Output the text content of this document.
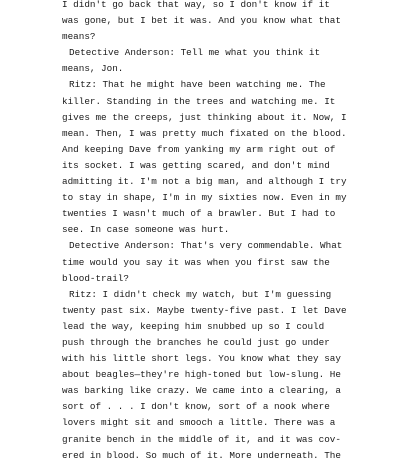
I didn't go back that way, so I don't know if it
was gone, but I bet it was. And you know what that
means?
Detective Anderson: Tell me what you think it
means, Jon.
Ritz: That he might have been watching me. The
killer. Standing in the trees and watching me. It
gives me the creeps, just thinking about it. Now, I
mean. Then, I was pretty much fixated on the blood.
And keeping Dave from yanking my arm right out of
its socket. I was getting scared, and don't mind
admitting it. I'm not a big man, and although I try
to stay in shape, I'm in my sixties now. Even in my
twenties I wasn't much of a brawler. But I had to
see. In case someone was hurt.
Detective Anderson: That's very commendable. What
time would you say it was when you first saw the
blood-trail?
Ritz: I didn't check my watch, but I'm guessing
twenty past six. Maybe twenty-five past. I let Dave
lead the way, keeping him snubbed up so I could
push through the branches he could just go under
with his little short legs. You know what they say
about beagles—they're high-toned but low-slung. He
was barking like crazy. We came into a clearing, a
sort of . . . I don't know, sort of a nook where
lovers might sit and smooch a little. There was a
granite bench in the middle of it, and it was cov-
ered in blood. So much of it. More underneath. The
